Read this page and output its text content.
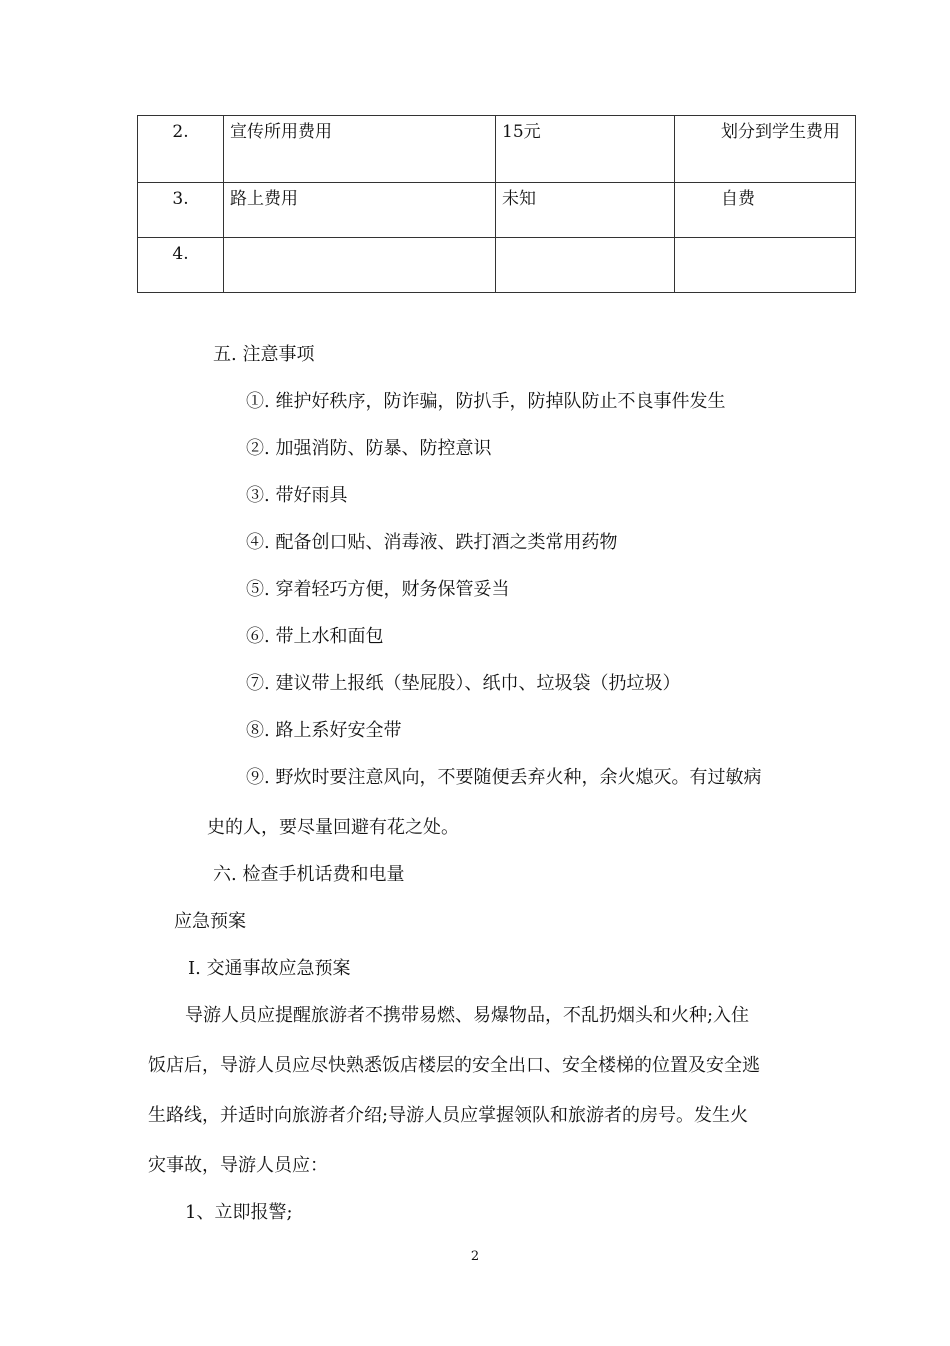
2.	宣传所用费用	15元	划分到学生费用
3.	路上费用	未知	自费
4.			
五. 注意事项
①. 维护好秩序，防诈骗，防扒手，防掉队防止不良事件发生
②. 加强消防、防暴、防控意识
③. 带好雨具
④. 配备创口贴、消毒液、跌打酒之类常用药物
⑤. 穿着轻巧方便，财务保管妥当
⑥. 带上水和面包
⑦. 建议带上报纸（垫屁股）、纸巾、垃圾袋（扔垃圾）
⑧. 路上系好安全带
⑨. 野炊时要注意风向，不要随便丢弃火种，余火熄灭。有过敏病
史的人，要尽量回避有花之处。
六. 检查手机话费和电量
应急预案
Ⅰ. 交通事故应急预案
导游人员应提醒旅游者不携带易燃、易爆物品，不乱扔烟头和火种;入住
饭店后，导游人员应尽快熟悉饭店楼层的安全出口、安全楼梯的位置及安全逃
生路线，并适时向旅游者介绍;导游人员应掌握领队和旅游者的房号。发生火
灾事故，导游人员应：
1、立即报警;
2
